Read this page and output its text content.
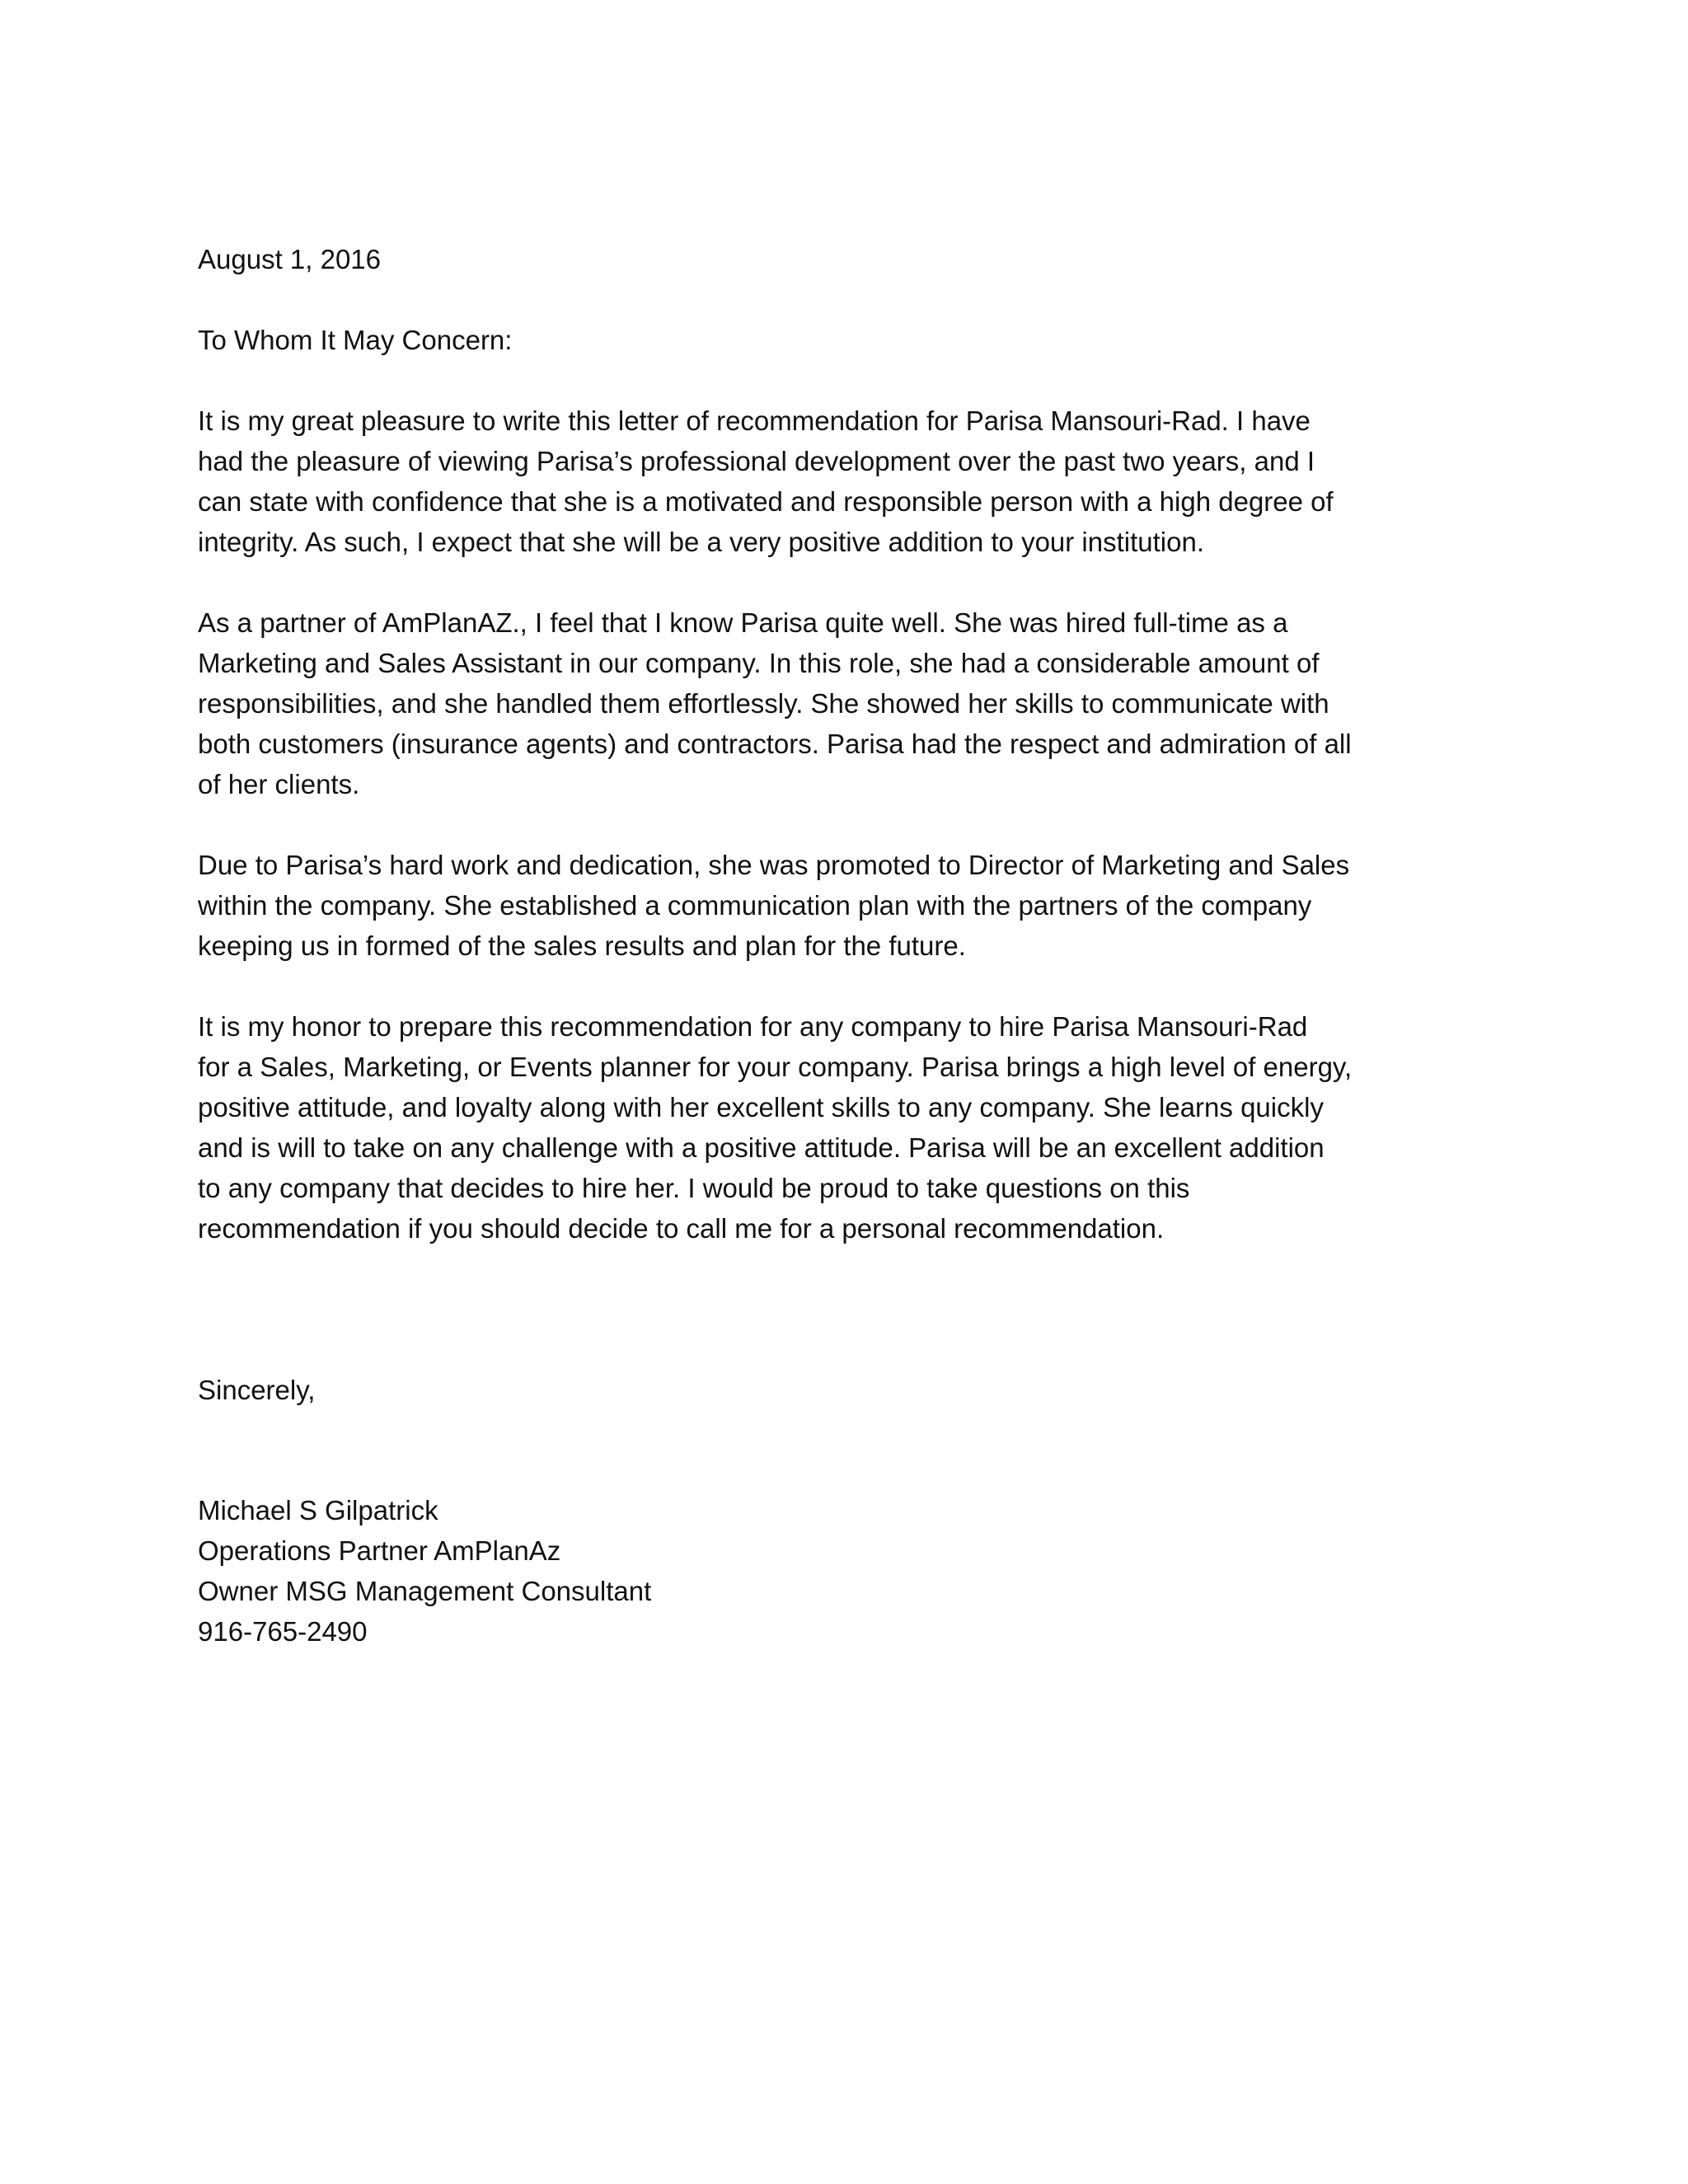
August 1, 2016
To Whom It May Concern:
It is my great pleasure to write this letter of recommendation for Parisa Mansouri-Rad. I have
had the pleasure of viewing Parisa’s professional development over the past two years, and I
can state with confidence that she is a motivated and responsible person with a high degree of
integrity. As such, I expect that she will be a very positive addition to your institution.
As a partner of AmPlanAZ., I feel that I know Parisa quite well. She was hired full-time as a
Marketing and Sales Assistant in our company. In this role, she had a considerable amount of
responsibilities, and she handled them effortlessly. She showed her skills to communicate with
both customers (insurance agents) and contractors. Parisa had the respect and admiration of all
of her clients.
Due to Parisa’s hard work and dedication, she was promoted to Director of Marketing and Sales
within the company. She established a communication plan with the partners of the company
keeping us in formed of the sales results and plan for the future.
It is my honor to prepare this recommendation for any company to hire Parisa Mansouri-Rad
for a Sales, Marketing, or Events planner for your company. Parisa brings a high level of energy,
positive attitude, and loyalty along with her excellent skills to any company. She learns quickly
and is will to take on any challenge with a positive attitude. Parisa will be an excellent addition
to any company that decides to hire her. I would be proud to take questions on this
recommendation if you should decide to call me for a personal recommendation.
Sincerely,
Michael S Gilpatrick
Operations Partner AmPlanAz
Owner MSG Management Consultant
916-765-2490
